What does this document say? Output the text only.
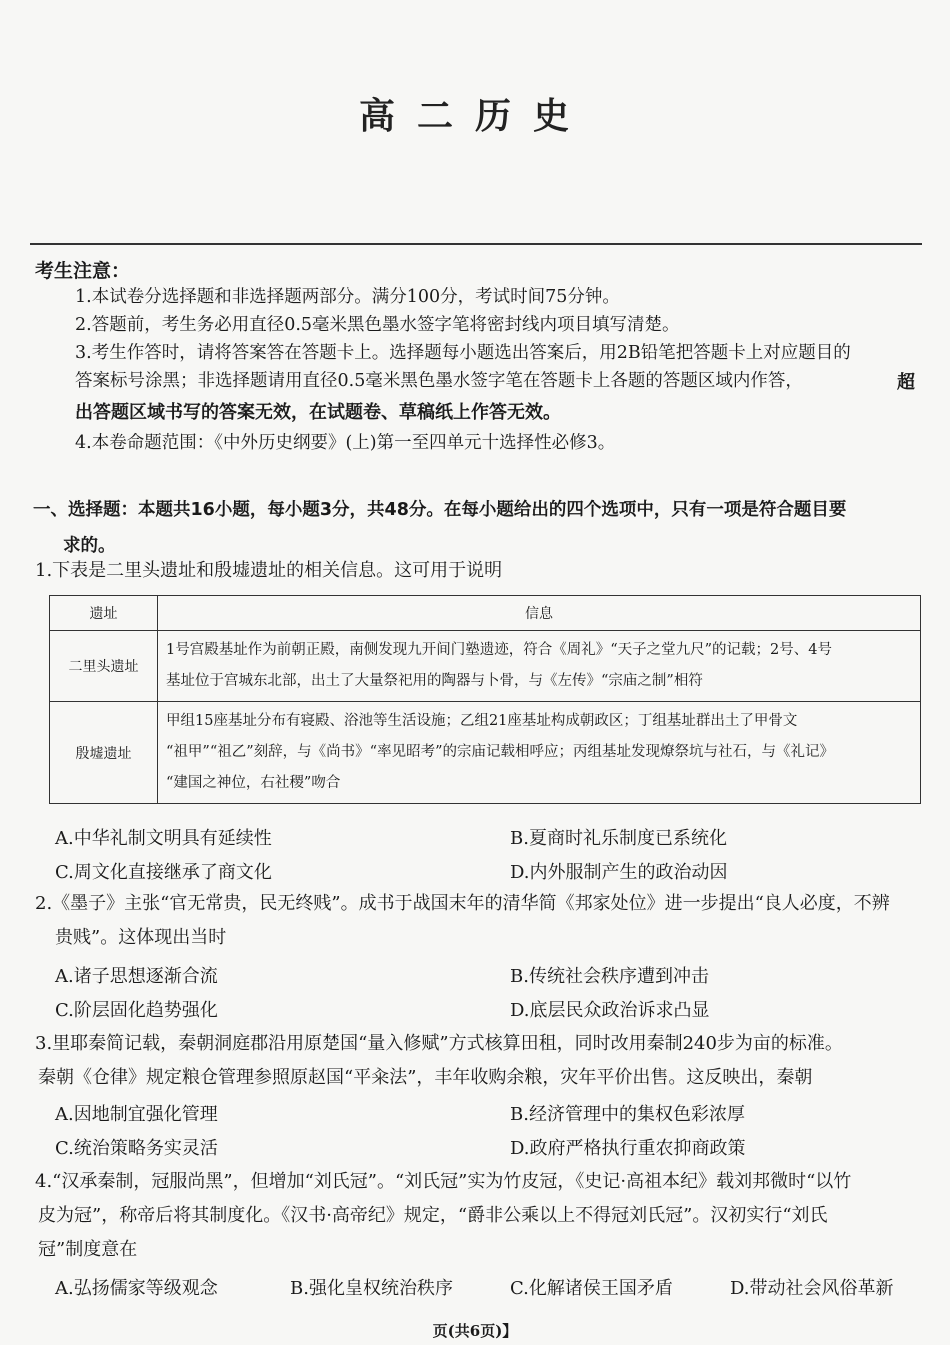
高二历史
考生注意：
1.本试卷分选择题和非选择题两部分。满分100分，考试时间75分钟。
2.答题前，考生务必用直径0.5毫米黑色墨水签字笔将密封线内项目填写清楚。
3.考生作答时，请将答案答在答题卡上。选择题每小题选出答案后，用2B铅笔把答题卡上对应题目的
答案标号涂黑；非选择题请用直径0.5毫米黑色墨水签字笔在答题卡上各题的答题区域内作答，	超
出答题区域书写的答案无效，在试题卷、草稿纸上作答无效。
4.本卷命题范围：《中外历史纲要》(上)第一至四单元十选择性必修3。
一、选择题：本题共16小题，每小题3分，共48分。在每小题给出的四个选项中，只有一项是符合题目要
求的。
1.下表是二里头遗址和殷墟遗址的相关信息。这可用于说明
遗址	信息
二里头遗址	1号宫殿基址作为前朝正殿，南侧发现九开间门塾遗迹，符合《周礼》“天子之堂九尺”的记载；2号、4号
基址位于宫城东北部，出土了大量祭祀用的陶器与卜骨，与《左传》“宗庙之制”相符

殷墟遗址	甲组15座基址分布有寝殿、浴池等生活设施；乙组21座基址构成朝政区；丁组基址群出土了甲骨文
“祖甲”“祖乙”刻辞，与《尚书》“率见昭考”的宗庙记载相呼应；丙组基址发现燎祭坑与社石，与《礼记》
“建国之神位，右社稷”吻合
A.中华礼制文明具有延续性	B.夏商时礼乐制度已系统化
C.周文化直接继承了商文化	D.内外服制产生的政治动因
2.《墨子》主张“官无常贵，民无终贱”。成书于战国末年的清华简《邦家处位》进一步提出“良人必度，不辨
贵贱”。这体现出当时
A.诸子思想逐渐合流	B.传统社会秩序遭到冲击
C.阶层固化趋势强化	D.底层民众政治诉求凸显
3.里耶秦简记载，秦朝洞庭郡沿用原楚国“量入修赋”方式核算田租，同时改用秦制240步为亩的标准。
秦朝《仓律》规定粮仓管理参照原赵国“平籴法”，丰年收购余粮，灾年平价出售。这反映出，秦朝
A.因地制宜强化管理	B.经济管理中的集权色彩浓厚
C.统治策略务实灵活	D.政府严格执行重农抑商政策
4.“汉承秦制，冠服尚黑”，但增加“刘氏冠”。“刘氏冠”实为竹皮冠，《史记·高祖本纪》载刘邦微时“以竹
皮为冠”，称帝后将其制度化。《汉书·高帝纪》规定，“爵非公乘以上不得冠刘氏冠”。汉初实行“刘氏
冠”制度意在
A.弘扬儒家等级观念	B.强化皇权统治秩序	C.化解诸侯王国矛盾	D.带动社会风俗革新
页(共6页)】
